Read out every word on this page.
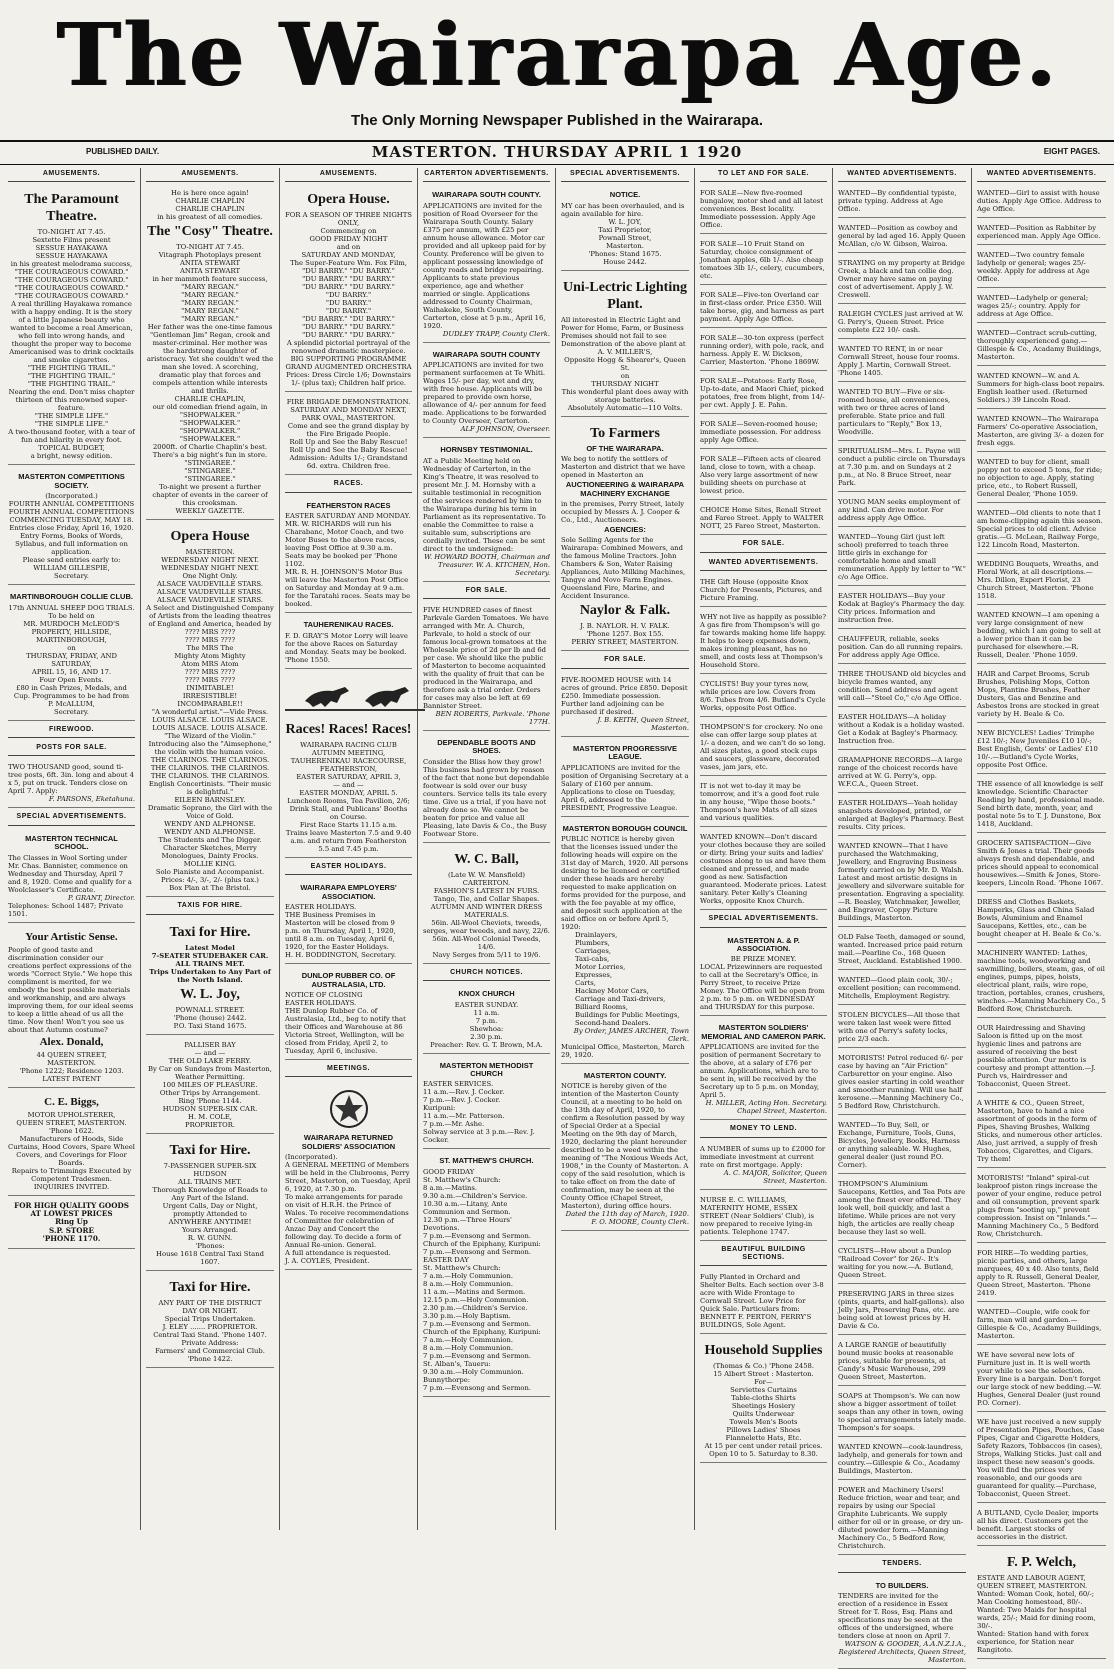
The Wairarapa Age.
The Only Morning Newspaper Published in the Wairarapa.
PUBLISHED DAILY.	MASTERTON. THURSDAY APRIL 1 1920	EIGHT PAGES.
AMUSEMENTS.
The Paramount Theatre.
TO-NIGHT AT 7.45.
Sextette Films present
SESSUE HAYAKAWA
SESSUE HAYAKAWA
in his greatest melodrama success,
"THE COURAGEOUS COWARD."
"THE COURAGEOUS COWARD."
"THE COURAGEOUS COWARD."
"THE COURAGEOUS COWARD."
A real thrilling Hayakawa romance with a happy ending. It is the story of a little Japanese beauty who wanted to become a real American, who fell into wrong hands, and thought the proper way to become Americanised was to drink cocktails and smoke cigarettes.
"THE FIGHTING TRAIL."
"THE FIGHTING TRAIL."
"THE FIGHTING TRAIL."
Nearing the end. Don't miss chapter thirteen of this renowned super-feature.
"THE SIMPLE LIFE."
"THE SIMPLE LIFE."
A two-thousand footer, with a tear of fun and hilarity in every foot.
TOPICAL BUDGET,
a bright, newsy edition.
MASTERTON COMPETITIONS SOCIETY.
(Incorporated.)
FOURTH ANNUAL COMPETITIONS
FOURTH ANNUAL COMPETITIONS
COMMENCING TUESDAY, MAY 18.
Entries close Friday, April 16, 1920. Entry Forms, Books of Words, Syllabus, and full information on application.
Please send entries early to:
WILLIAM GILLESPIE,
Secretary.
MARTINBOROUGH COLLIE CLUB.
17th ANNUAL SHEEP DOG TRIALS.
To be held on
MR. MURDOCH McLEOD'S PROPERTY, HILLSIDE, MARTINBOROUGH,
on
THURSDAY, FRIDAY, AND SATURDAY,
APRIL 15, 16, AND 17.
Four Open Events.
£80 in Cash Prizes, Medals, and Cup. Programmes to be had from
P. McALLUM,
Secretary.
FIREWOOD.
POSTS FOR SALE.
TWO THOUSAND good, sound ti-tree posts, 6ft. 3in. long and about 4 x 5, put on truck. Tenders close on April 7. Apply:
F. PARSONS, Eketahuna.
SPECIAL ADVERTISEMENTS.
MASTERTON TECHNICAL SCHOOL.
The Classes in Wool Sorting under Mr. Chas. Bannister, commence on Wednesday and Thursday, April 7 and 8, 1920. Come and qualify for a Woolclasser's Certificate.
P. GRANT, Director.
Telephones: School 1487; Private 1501.
Your Artistic Sense.
People of good taste and discrimination consider our creations perfect expressions of the words "Correct Style." We hope this compliment is merited, for we embody the best possible materials and workmanship, and are always improving them, for our ideal seems to keep a little ahead of us all the time. Now then! Won't you see us about that Autumn costume?
Alex. Donald,
44 QUEEN STREET,
MASTERTON.
'Phone 1222; Residence 1203.
LATEST PATENT
C. E. Biggs,
MOTOR UPHOLSTERER,
QUEEN STREET, MASTERTON.
'Phone 1622.
Manufacturers of Hoods, Side Curtains, Hood Covers, Spare Wheel Covers, and Coverings for Floor Boards.
Repairs to Trimmings Executed by Competent Tradesmen.
INQUIRIES INVITED.
FOR HIGH QUALITY GOODS
AT LOWEST PRICES
Ring Up
S.P. STORE
'PHONE 1170.
AMUSEMENTS.
He is here once again!
CHARLIE CHAPLIN
CHARLIE CHAPLIN
in his greatest of all comedies.
The "Cosy" Theatre.
TO-NIGHT AT 7.45.
Vitagraph Photoplays present
ANITA STEWART
ANITA STEWART
in her mammoth feature success,
"MARY REGAN."
"MARY REGAN."
"MARY REGAN."
"MARY REGAN."
"MARY REGAN."
Her father was the one-time famous "Gentleman Jim" Regan, crook and master-criminal. Her mother was the hardstrong daughter of aristocracy. Yet she couldn't wed the man she loved. A scorching, dramatic play that forces and compels attention while interests and thrills.
CHARLIE CHAPLIN,
our old comedian friend again, in
"SHOPWALKER."
"SHOPWALKER."
"SHOPWALKER."
"SHOPWALKER."
2000ft. of Charlie Chaplin's best. There's a big night's fun in store.
"STINGAREE."
"STINGAREE."
"STINGAREE."
To-night we present a further chapter of events in the career of this crooksman.
WEEKLY GAZETTE.
Opera House
MASTERTON.
WEDNESDAY NIGHT NEXT.
WEDNESDAY NIGHT NEXT.
One Night Only.
ALSACE VAUDEVILLE STARS.
ALSACE VAUDEVILLE STARS.
ALSACE VAUDEVILLE STARS.
A Select and Distinguished Company of Artists from the leading theatres of England and America, headed by
???? MRS ????
???? MRS ????
The MRS The
Mighty Atom Mighty
Atom MRS Atom
???? MRS ????
???? MRS ????
INIMITABLE!
IRRESISTIBLE!
INCOMPARABLE!!
"A wonderful artist."—Vide Press.
LOUIS ALSACE. LOUIS ALSACE.
LOUIS ALSACE. LOUIS ALSACE.
"The Wizard of the Violin."
Introducing also the "Aimsephone," the violin with the human voice.
THE CLARINOS. THE CLARINOS.
THE CLARINOS. THE CLARINOS.
THE CLARINOS. THE CLARINOS.
English Concertinists. "Their music is delightful."
EILEEN BARNSLEY.
Dramatic Soprano, the Girl with the Voice of Gold.
WENDY AND ALPHONSE.
WENDY AND ALPHONSE.
The Students and The Digger. Character Sketches, Merry Monologues, Dainty Frocks.
MOLLIE KING.
Solo Pianiste and Accompanist.
Prices: 4/-, 3/-, 2/- (plus tax.)
Box Plan at The Bristol.
TAXIS FOR HIRE.
Taxi for Hire.
Latest Model
7-SEATER STUDEBAKER CAR.
ALL TRAINS MET.
Trips Undertaken to Any Part of the North Island.
W. L. Joy,
POWNALL STREET.
'Phone (house) 2442.
P.O. Taxi Stand 1675.
PALLISER BAY
— and —
THE OLD LAKE FERRY.
By Car on Sundays from Masterton, Weather Permitting.
100 MILES OF PLEASURE.
Other Trips by Arrangement.
Ring 'Phone 1144.
HUDSON SUPER-SIX CAR.
H. M. COLE,
PROPRIETOR.
Taxi for Hire.
7-PASSENGER SUPER-SIX HUDSON
ALL TRAINS MET.
Thorough Knowledge of Roads to Any Part of the Island.
Urgent Calls, Day or Night, promptly Attended to
ANYWHERE ANYTIME!
Yours Arranged.
R. W. GUNN.
'Phones:
House 1618 Central Taxi Stand 1607.
Taxi for Hire.
ANY PART OF THE DISTRICT
DAY OR NIGHT.
Special Trips Undertaken.
J. ELEY ....... PROPRIETOR.
Central Taxi Stand. 'Phone 1407.
Private Address:
Farmers' and Commercial Club.
'Phone 1422.
AMUSEMENTS.
Opera House.
FOR A SEASON OF THREE NIGHTS ONLY,
Commencing on
GOOD FRIDAY NIGHT
and on
SATURDAY AND MONDAY,
The Super-Feature Wm. Fox Film,
"DU BARRY." "DU BARRY."
"DU BARRY." "DU BARRY."
"DU BARRY." "DU BARRY."
"DU BARRY."
"DU BARRY."
"DU BARRY."
"DU BARRY." "DU BARRY."
"DU BARRY." "DU BARRY."
"DU BARRY." "DU BARRY."
A splendid pictorial portrayal of the renowned dramatic masterpiece.
BIG SUPPORTING PROGRAMME
GRAND AUGMENTED ORCHESTRA
Prices: Dress Circle 1/6; Downstairs 1/- (plus tax); Children half price.
FIRE BRIGADE DEMONSTRATION.
SATURDAY AND MONDAY NEXT, PARK OVAL, MASTERTON.
Come and see the grand display by the Fire Brigade People.
Roll Up and See the Baby Rescue! Roll Up and See the Baby Rescue!
Admission: Adults 1/-; Grandstand 6d. extra. Children free.
RACES.
FEATHERSTON RACES
EASTER SATURDAY AND MONDAY.
MR. W. RICHARDS will run his Charabanc, Motor Coach, and two Motor Buses to the above races, leaving Post Office at 9.30 a.m. Seats may be booked per 'Phone 1102.
MR. R. H. JOHNSON'S Motor Bus will leave the Masterton Post Office on Saturday and Monday at 9 a.m. for the Taratahi races. Seats may be booked.
TAUHERENIKAU RACES.
F. D. GRAY'S Motor Lorry will leave for the above Races on Saturday and Monday. Seats may be booked. 'Phone 1550.
Races! Races! Races!
WAIRARAPA RACING CLUB
AUTUMN MEETING,
TAUHERENIKAU RACECOURSE, FEATHERSTON,
EASTER SATURDAY, APRIL 3,
— and —
EASTER MONDAY, APRIL 5.
Luncheon Rooms, Tea Pavilion, 2/6; Drink Stall, and Publicans' Booths on Course.
First Race Starts 11.15 a.m.
Trains leave Masterton 7.5 and 9.40 a.m. and return from Featherston 5.5 and 7.45 p.m.
EASTER HOLIDAYS.
WAIRARAPA EMPLOYERS' ASSOCIATION.
EASTER HOLIDAYS.
THE Business Premises in Masterton will be closed from 9 p.m. on Thursday, April 1, 1920, until 8 a.m. on Tuesday, April 6, 1920, for the Easter Holidays.
H. H. BODDINGTON, Secretary.
DUNLOP RUBBER CO. OF AUSTRALASIA, LTD.
NOTICE OF CLOSING
EASTER HOLIDAYS.
THE Dunlop Rubber Co. of Australasia, Ltd., beg to notify that their Offices and Warehouse at 86 Victoria Street, Wellington, will be closed from Friday, April 2, to Tuesday, April 6, inclusive.
MEETINGS.
WAIRARAPA RETURNED SOLDIERS' ASSOCIATION
(Incorporated).
A GENERAL MEETING of Members will be held in the Clubrooms, Perry Street, Masterton, on Tuesday, April 6, 1920, at 7.30 p.m.
To make arrangements for parade on visit of H.R.H. the Prince of Wales. To receive recommendations of Committee for celebration of Anzac Day and Concert the following day. To decide a form of Annual Re-union. General.
A full attendance is requested.
J. A. COYLES, President.
CARTERTON ADVERTISEMENTS.
WAIRARAPA SOUTH COUNTY.
APPLICATIONS are invited for the position of Road Overseer for the Wairarapa South County. Salary £375 per annum, with £25 per annum house allowance. Motor car provided and all upkeep paid for by County. Preference will be given to applicant possessing knowledge of county roads and bridge repairing. Applicants to state previous experience, age and whether married or single. Applications addressed to County Chairman, Waihakeke, South County, Carterton, close at 5 p.m., April 16, 1920.
DUDLEY TRAPP, County Clerk.
WAIRARAPA SOUTH COUNTY
APPLICATIONS are invited for two permanent surfacemen at Te Whiti. Wages 15/- per day, wet and dry, with free house. Applicants will be prepared to provide own horse, allowance of 4/- per annum for feed made. Applications to be forwarded to County Overseer, Carterton.
ALF JOHNSON, Overseer.
HORNSBY TESTIMONIAL.
AT a Public Meeting held on Wednesday of Carterton, in the King's Theatre, it was resolved to present Mr. J. M. Hornsby with a suitable testimonial in recognition of the services rendered by him to the Wairarapa during his term in Parliament as its representative. To enable the Committee to raise a suitable sum, subscriptions are cordially invited. These can be sent direct to the undersigned:
W. HOWARD BOOTH, Chairman and Treasurer. W. A. KITCHEN, Hon. Secretary.
FOR SALE.
FIVE HUNDRED cases of finest Parkvale Garden Tomatoes. We have arranged with Mr. A. Church, Parkvale, to hold a stock of our famous local-grown tomatoes at the Wholesale price of 2d per lb and 6d per case. We should like the public of Masterton to become acquainted with the quality of fruit that can be produced in the Wairarapa, and therefore ask a trial order. Orders for cases may also be left at 69 Bannister Street.
BEN ROBERTS, Parkvale. 'Phone 177H.
DEPENDABLE BOOTS AND SHOES.
Consider the Bliss how they grow! This business had grown by reason of the fact that none but dependable footwear is sold over our busy counters. Service tells its tale every time. Give us a trial, if you have not already done so. We cannot be beaten for price and value all Pleasing, late Davis & Co., the Busy Footwear Store.
W. C. Ball,
(Late W. W. Mansfield)
CARTERTON.
FASHION'S LATEST IN FURS.
Tango, Tie, and Collar Shapes.
AUTUMN AND WINTER DRESS MATERIALS.
56in. All-Wool Cheviots, tweeds, serges, wear tweeds, and navy, 22/6.
56in. All-Wool Colonial Tweeds, 14/6.
Navy Serges from 5/11 to 19/6.
CHURCH NOTICES.
KNOX CHURCH
EASTER SUNDAY.
11 a.m.
7 p.m.
Shewhoa:
2.30 p.m.
Preacher: Rev. G. T. Brown, M.A.
MASTERTON METHODIST CHURCH
EASTER SERVICES.
11 a.m.—Rev. J. Cocker.
7 p.m.—Rev. J. Cocker.
Kuripuni:
11 a.m.—Mr. Patterson.
7 p.m.—Mr. Ashe.
Solway service at 3 p.m.—Rev. J. Cocker.
ST. MATTHEW'S CHURCH.
GOOD FRIDAY
St. Matthew's Church:
8 a.m.—Matins.
9.30 a.m.—Children's Service.
10.30 a.m.—Litany, Ante Communion and Sermon.
12.30 p.m.—Three Hours' Devotions.
7 p.m.—Evensong and Sermon.
Church of the Epiphany, Kuripuni:
7 p.m.—Evensong and Sermon.
EASTER DAY
St. Matthew's Church:
7 a.m.—Holy Communion.
8 a.m.—Holy Communion.
11 a.m.—Matins and Sermon.
12.15 p.m.—Holy Communion.
2.30 p.m.—Children's Service.
3.30 p.m.—Holy Baptism.
7 p.m.—Evensong and Sermon.
Church of the Epiphany, Kuripuni:
7 a.m.—Holy Communion.
8 a.m.—Holy Communion.
7 p.m.—Evensong and Sermon.
St. Alban's, Taueru:
9.30 a.m.—Holy Communion.
Bunnythorpe:
7 p.m.—Evensong and Sermon.
SPECIAL ADVERTISEMENTS.
NOTICE.
MY car has been overhauled, and is again available for hire.
W. L. JOY,
Taxi Proprietor,
Pownall Street,
Masterton.
'Phones: Stand 1675.
House 2442.
Uni-Lectric Lighting Plant.
All interested in Electric Light and Power for Home, Farm, or Business Premises should not fail to see Demonstration of the above plant at
A. V. MILLER'S,
Opposite Hogg & Shearer's, Queen St.
on
THURSDAY NIGHT
This wonderful plant does away with storage batteries.
Absolutely Automatic—110 Volts.
To Farmers
OF THE WAIRARAPA.
We beg to notify the settlers of Masterton and district that we have opened in Masterton an
AUCTIONEERING & WAIRARAPA MACHINERY EXCHANGE
in the premises, Perry Street, lately occupied by Messrs A. J. Cooper & Co., Ltd., Auctioneers.
AGENCIES:
Sole Selling Agents for the Wairarapa: Combined Mowers, and the famous Moline Tractors. John Chambers & Son, Water Raising Appliances, Auto Milking Machines, Tangye and Novo Farm Engines. Queensland Fire, Marine, and Accident Insurance.
Naylor & Falk.
J. B. NAYLOR. H. V. FALK.
'Phone 1257. Box 155.
PERRY STREET, MASTERTON.
FOR SALE.
FIVE-ROOMED HOUSE with 14 acres of ground. Price £850. Deposit £250. Immediate possession. Further land adjoining can be purchased if desired.
J. B. KEITH, Queen Street, Masterton.
MASTERTON PROGRESSIVE LEAGUE.
APPLICATIONS are invited for the position of Organising Secretary at a Salary of £160 per annum. Applications to close on Tuesday, April 6, addressed to the PRESIDENT, Progressive League.
MASTERTON BOROUGH COUNCIL
PUBLIC NOTICE is hereby given that the licenses issued under the following heads will expire on the 31st day of March, 1920. All persons desiring to be licensed or certified under these heads are hereby requested to make application on forms provided for the purpose, and with the fee payable at my office, and deposit such application at the said office on or before April 5, 1920:
Drainlayers,
Plumbers,
Carriages,
Taxi-cabs,
Motor Lorries,
Expresses,
Carts,
Hackney Motor Cars,
Carriage and Taxi-drivers,
Billiard Rooms,
Buildings for Public Meetings,
Second-hand Dealers.
By Order, JAMES ARCHER, Town Clerk.
Municipal Office, Masterton, March 29, 1920.
MASTERTON COUNTY.
NOTICE is hereby given of the intention of the Masterton County Council, at a meeting to be held on the 13th day of April, 1920, to confirm a Resolution passed by way of Special Order at a Special Meeting on the 9th day of March, 1920, declaring the plant hereunder described to be a weed within the meaning of "The Noxious Weeds Act, 1908," in the County of Masterton. A copy of the said resolution, which is to take effect on from the date of confirmation, may be seen at the County Office (Chapel Street, Masterton), during office hours.
Dated the 11th day of March, 1920. F. O. MOORE, County Clerk.
TO LET AND FOR SALE.
FOR SALE—New five-roomed bungalow, motor shed and all latest conveniences. Best locality. Immediate possession. Apply Age Office.
FOR SALE—10 Fruit Stand on Saturday, choice consignment of Jonathan apples, 6lb 1/-. Also cheap tomatoes 3lb 1/-, celery, cucumbers, etc.
FOR SALE—Five-ton Overland car in first-class order. Price £350. Will take horse, gig, and harness as part payment. Apply Age Office.
FOR SALE—30-ton express (perfect running order), with pole, rack, and harness. Apply E. W. Dickson, Carrier, Masterton. 'Phone 1869W.
FOR SALE—Potatoes: Early Rose, Up-to-date, and Maori Chief, picked potatoes, free from blight, from 14/- per cwt. Apply J. E. Pahn.
FOR SALE—Seven-roomed house; immediate possession. For address apply Age Office.
FOR SALE—Fifteen acts of cleared land, close to town, with a cheap. Also very large assortment of new building sheets on purchase at lowest price.
CHOICE Home Sites, Renall Street and Fareo Street. Apply to WALTER NOTT, 25 Fareo Street, Masterton.
FOR SALE.
WANTED ADVERTISEMENTS.
THE Gift House (opposite Knox Church) for Presents, Pictures, and Picture Framing.
WHY not live as happily as possible? A gas fire from Thompson's will go far towards making home life happy. It helps to keep expenses down, makes ironing pleasant, has no smell, and costs less at Thompson's Household Store.
CYCLISTS! Buy your tyres now, while prices are low. Covers from 8/6. Tubes from 4/6. Butland's Cycle Works, opposite Post Office.
THOMPSON'S for crockery. No one else can offer large soup plates at 1/- a dozen, and we can't do so long. All sizes plates, a good stock cups and saucers, glassware, decorated vases, jam jars, etc.
IT is not wet to-day it may be tomorrow, and it's a good foot rule in any house, "Wipe those boots." Thompson's have Mats of all sizes and various qualities.
WANTED KNOWN—Don't discard your clothes because they are soiled or dirty. Bring your suits and ladies' costumes along to us and have them cleaned and pressed, and made good as new. Satisfaction guaranteed. Moderate prices. Latest sanitary. Peter Kelly's Cleaning Works, opposite Knox Church.
SPECIAL ADVERTISEMENTS.
MASTERTON A. & P. ASSOCIATION.
BE PRIZE MONEY.
LOCAL Prizewinners are requested to call at the Secretary's Office, in Perry Street, to receive Prize Money. The Office will be open from 2 p.m. to 5 p.m. on WEDNESDAY and THURSDAY for this purpose.
MASTERTON SOLDIERS' MEMORIAL AND CAMERON PARK.
APPLICATIONS are invited for the position of permanent Secretary to the above, at a salary of £76 per annum. Applications, which are to be sent in, will be received by the Secretary up to 5 p.m. on Monday, April 5.
H. MILLER, Acting Hon. Secretary. Chapel Street, Masterton.
MONEY TO LEND.
A NUMBER of sums up to £2000 for immediate investment at current rate on first mortgage. Apply:
A. C. MAJOR, Solicitor, Queen Street, Masterton.
NURSE E. C. WILLIAMS, MATERNITY HOME, ESSEX STREET (Near Soldiers' Club), is now prepared to receive lying-in patients. Telephone 1747.
BEAUTIFUL BUILDING SECTIONS.
Fully Planted in Orchard and Shelter Belts. Each section over 3-8 acre with Wide Frontage to Cornwall Street. Low Price for Quick Sale. Particulars from: BENNETT F. PERTON, FERRY'S BUILDINGS, Sole Agent.
Household Supplies
(Thomas & Co.) 'Phone 2458.
15 Albert Street : Masterton.
For—
Serviettes Curtains
Table-cloths Shirts
Sheetings Hosiery
Quilts Underwear
Towels Men's Boots
Pillows Ladies' Shoes
Flannelette Hats, Etc.
At 15 per cent under retail prices.
Open 10 to 5. Saturday to 8.30.
WANTED ADVERTISEMENTS.
WANTED—By confidential typiste, private typing. Address at Age Office.
WANTED—Position as cowboy and general by lad aged 16. Apply Queen McAllan, c/o W. Gibson, Wairoa.
STRAYING on my property at Bridge Creek, a black and tan collie dog. Owner may have same on paying cost of advertisement. Apply J. W. Creswell.
RALEIGH CYCLES just arrived at W. G. Perry's, Queen Street. Price complete £22 10/- cash.
WANTED TO RENT, in or near Cornwall Street, house four rooms. Apply J. Martin, Cornwall Street. 'Phone 1405.
WANTED TO BUY—Five or six-roomed house, all conveniences, with two or three acres of land preferable. State price and full particulars to "Reply," Box 13, Woodville.
SPIRITUALISM—Mrs. L. Payne will conduct a public circle on Thursdays at 7.30 p.m. and on Sundays at 2 p.m., at No. 8 Bruce Street, near Park.
YOUNG MAN seeks employment of any kind. Can drive motor. For address apply Age Office.
WANTED—Young Girl (just left school) preferred to teach three little girls in exchange for comfortable home and small remuneration. Apply by letter to "W." c/o Age Office.
EASTER HOLIDAYS—Buy your Kodak at Bagley's Pharmacy the day. City prices. Information and instruction free.
CHAUFFEUR, reliable, seeks position. Can do all running repairs. For address apply Age Office.
THREE THOUSAND old bicycles and bicycle frames wanted, any condition. Send address and agent will call—"Steel Co," c/o Age Office.
EASTER HOLIDAYS—A holiday without a Kodak is a holiday wasted. Get a Kodak at Bagley's Pharmacy. Instruction free.
GRAMAPHONE RECORDS—A large range of the choicest records have arrived at W. G. Perry's, opp. W.F.C.A., Queen Street.
EASTER HOLIDAYS—Yeah holiday snapshots developed, printed, or enlarged at Bagley's Pharmacy. Best results. City prices.
WANTED KNOWN—That I have purchased the Watchmaking, Jewellery, and Engraving Business formerly carried on by Mr. D. Walsh. Latest and most artistic designs in jewellery and silverware suitable for presentation. Engraving a speciality.—R. Beasley, Watchmaker, Jeweller, and Engraver, Coppy Picture Buildings, Masterton.
OLD False Teeth, damaged or sound, wanted. Increased price paid return mail.—Pearline Co., 168 Queen Street, Auckland. Established 1900.
WANTED—Good plain cook, 30/-; excellent position; can recommend. Mitchells, Employment Registry.
STOLEN BICYCLES—All those that were taken last week were fitted with one of Perry's safety locks, price 2/3 each.
MOTORISTS! Petrol reduced 6/- per case by having an "Air Friction" Carburettor on your engine. Also gives easier starting in cold weather and smoother running. Will use half kerosene.—Manning Machinery Co., 5 Bedford Row, Christchurch.
WANTED—To Buy, Sell, or Exchange, Furniture, Tools, Guns, Bicycles, Jewellery, Books, Harness or anything saleable. W. Hughes, general dealer (just round P.O. Corner).
THOMPSON'S Aluminium Saucepans, Kettles, and Tea Pots are among the finest ever offered. They look well, boil quickly, and last a lifetime. While prices are not very high, the articles are really cheap because they last so well.
CYCLISTS—How about a Dunlop "Railroad Cover" for 26/-. It's waiting for you now.—A. Butland, Queen Street.
PRESERVING JARS in three sizes (pints, quarts, and half-gallons). also Jelly Jars, Preserving Pans, etc. are being sold at lowest prices by H. Davie & Co.
A LARGE RANGE of beautifully bound music books at reasonable prices, suitable for presents, at Candy's Music Warehouse, 299 Queen Street, Masterton.
SOAPS at Thompson's. We can now show a bigger assortment of toilet soaps than any other in town, owing to special arrangements lately made. Thompson's for soaps.
WANTED KNOWN—cook-laundress, ladyhelp, and generals for town and country.—Gillespie & Co., Acadamy Buildings, Masterton.
POWER and Machinery Users! Reduce friction, wear and tear, and repairs by using our Special Graphite Lubricants. We supply either for oil or in grease, or dry un-diluted powder form.—Manning Machinery Co., 5 Bedford Row, Christchurch.
TENDERS.
TO BUILDERS.
TENDERS are invited for the erection of a residence in Essex Street for T. Ross, Esq. Plans and specifications may be seen at the offices of the undersigned, where tenders close at noon on April 7.
WATSON & GOODER, A.A.N.Z.I.A., Registered Architects, Queen Street, Masterton.
WANTED ADVERTISEMENTS.
WANTED—Girl to assist with house duties. Apply Age Office. Address to Age Office.
WANTED—Position as Rabbiter by experienced man. Apply Age Office.
WANTED—Two country female ladyhelp or general; wages 25/- weekly. Apply for address at Age Office.
WANTED—Ladyhelp or general; wages 25/-; country. Apply for address at Age Office.
WANTED—Contract scrub-cutting, thoroughly experienced gang.—Gillespie & Co., Acadamy Buildings, Masterton.
WANTED KNOWN—W. and A. Summers for high-class boot repairs. English leather used. (Returned Soldiers.) 39 Lincoln Road.
WANTED KNOWN—The Wairarapa Farmers' Co-operative Association, Masterton, are giving 3/- a dozen for fresh eggs.
WANTED to buy for client, small poppy not to exceed 5 tons, for ride; no objection to age. Apply, stating price, etc., to Robert Russell, General Dealer, 'Phone 1059.
WANTED—Old clients to note that I am home-clipping again this season. Special prices to old client. Advice gratis.—G. McLean, Railway Forge, 122 Lincoln Road, Masterton.
WEDDING Bouquets, Wreaths, and Floral Work, at all descriptions.—Mrs. Dillon, Expert Florist, 23 Church Street, Masterton. 'Phone 1518.
WANTED KNOWN—I am opening a very large consignment of new bedding, which I am going to sell at a lower price than it can be purchased for elsewhere.—R. Russell, Dealer. 'Phone 1059.
HAIR and Carpet Brooms, Scrub Brushes, Polishing Mops, Cotton Mops, Plantine Brushes, Feather Dusters, Gas and Benzine and Asbestos Irons are stocked in great variety by H. Beale & Co.
NEW BICYCLES! Ladies' Trimphe £12 10/-; New Juveniles £10 10/-; Best English, Gents' or Ladies' £10 10/-.—Butland's Cycle Works, opposite Post Office.
THE essence of all knowledge is self knowledge. Scientific Character Reading by hand, professional made. Send birth date, month, year, and postal note 5s to T. J. Dunstone, Box 1418, Auckland.
GROCERY SATISFACTION—Give Smith & Jones a trial. Their goods always fresh and dependable, and prices should appeal to economical housewives.—Smith & Jones, Store-keepers, Lincoln Road. 'Phone 1067.
DRESS and Clothes Baskets, Hamperks, Glass and China Salad Bowls, Aluminium and Enamel Saucepans, Kettles, etc., can be bought cheaper at H. Beale & Co.'s.
MACHINERY WANTED: Lathes, machine tools, woodworking and sawmilling, boilers, steam, gas, of oil engines, pumps, pipes, hoists, electrical plant, rails, wire rope, traction, portables, cranes, crushers, winches.—Manning Machinery Co., 5 Bedford Row, Christchurch.
OUR Hairdressing and Shaving Saloon is fitted up on the most hygienic lines and patrons are assured of receiving the best possible attention. Our motto is courtesy and prompt attention.—J. Purch vs, Hairdresser and Tobacconist, Queen Street.
A WHITE & CO., Queen Street, Masterton, have to hand a nice assortment of goods in the form of Pipes, Shaving Brushes, Walking Sticks, and numerous other articles. Also, just arrived, a supply of fresh Tobaccos, Cigarettes, and Cigars. Try them!
MOTORISTS! "Inland" spiral-cut leakproof piston rings increase the power of your engine, reduce petrol and oil consumption, prevent spark plugs from "sooting up," prevent compression. Insist on "Inlands."—Manning Machinery Co., 5 Bedford Row, Christchurch.
FOR HIRE—To wedding parties, picnic parties, and others, large marquees, 40 x 40. Also tents, field apply to R. Russell, General Dealer, Queen Street, Masterton. 'Phone 2419.
WANTED—Couple, wife cook for farm, man will and garden.—Gillespie & Co., Acadamy Buildings, Masterton.
WE have several new lots of Furniture just in. It is well worth your while to see the selection. Every line is a bargain. Don't forget our large stock of new bedding.—W. Hughes, General Dealer (just round P.O. Corner).
WE have just received a new supply of Presentation Pipes, Pouches, Case Pipes, Cigar and Cigarette Holders, Safety Razors, Tobbaccos (in cases), Strops, Walking Sticks. Just call and inspect these new season's goods. You will find the prices very reasonable, and our goods are guaranteed for quality.—Purchase, Tobacconist, Queen Street.
A BUTLAND, Cycle Dealer, imports all his direct. Customers get the benefit. Largest stocks of accessories in the district.
F. P. Welch,
ESTATE AND LABOUR AGENT,
QUEEN STREET, MASTERTON.
Wanted: Woman Cook, hotel, 60/-; Man Cooking homestead, 80/-.
Wanted: Two Maids for hospital wards, 25/-; Maid for dining room, 30/-.
Wanted: Station hand with forex experience, for Station near Rangitoto.
